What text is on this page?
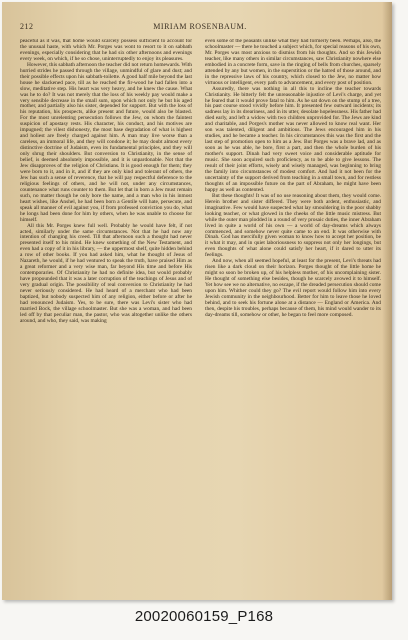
212	MIRIAM ROSENBAUM.

peaceful as it was, that home would scarcely possess sufficient to account for the unusual haste, with which Mr. Porges was wont to resort to it on sabbath evenings, especially considering that he had six other afternoons and evenings every week, on which, if he so chose, uninterruptedly to enjoy its pleasures.

However, this sabbath afternoon the teacher did not return homewards. With hurried strides he passed through the village, unmindful of glare and dust; and their possible effects upon his sabbath-toilette. A good half mile beyond the last house he slackened pace, till as he reached the fir-wood he had fallen into a slow, meditative step. His heart was very heavy, and he knew the cause. What was he to do? It was not merely that the loss of his weekly pay would make a very sensible decrease in the small sum, upon which not only he but his aged mother, and partially also his sister, depended for support. But with the loss of his reputation, his prospects, alike present and future, would also be blasted. For the most unrelenting persecution follows the Jew, on whom the faintest suspicion of apostasy rests. His character, his conduct, and his motives are impugned; the vilest dishonesty, the most base degradation of what is highest and holiest are freely charged against him. A man may live worse than a careless, an immoral life, and they will condone it; he may doubt almost every distinctive doctrine of Judaism, even its fundamental principles, and they will only shrug their shoulders. But conversion to Christianity, in the sense of belief, is deemed absolutely impossible, and it is unpardonable. Not that the Jew disapproves of the religion of Christians. It is good enough for them; they were born to it, and in it, and if they are only kind and tolerant of others, the Jew has such a sense of reverence, that he will pay respectful deference to the religious feelings of others, and he will not, under any circumstances, countenance what runs counter to them. But let that in born a Jew must remain such, no matter though he only bore the name, and a man who in his inmost heart wishes, like Anshel, he had been born a Gentile will hate, persecute, and speak all manner of evil against you, if from professed conviction you do, what he longs had been done for him by others, when he was unable to choose for himself.

All this Mr. Porges knew full well. Probably he would have felt, if not acted, similarly under the same circumstances. Not that he had now any intention of changing his creed. Till that afternoon such a thought had never presented itself to his mind. He knew something of the New Testament, and even had a copy of it in his library, — the uppermost shelf, quite hidden behind a row of other books. If you had asked him, what he thought of Jesus of Nazareth, he would, if he had ventured to speak the truth, have praised Him as a great reformer and a very wise man, far beyond His time and before His contemporaries. Of Christianity he had no definite idea, but would probably have propounded that it was a later corruption of the teachings of Jesus and of very gradual origin. The possibility of real conversion to Christianity he had never seriously considered. He had heard of a merchant who had been baptized, but nobody suspected him of any religion, either before or after he had renounced Judaism. Yes, to be sure, there was Levi's sister who had married Bock, the village schoolmaster. But she was a woman, and had been led off by that peculiar man, the pastor, who was altogether unlike the others around, and who, they said, was making

even some of the peasants unlike what they had formerly been. Perhaps, also, the schoolmaster — there he touched a subject which, for special reasons of his own, Mr. Porges was most anxious to dismiss from his thoughts. And so this Jewish teacher, like many others in similar circumstances, saw Christianity nowhere else embodied in a concrete form, save in the ringing of bells from churches, sparsely attended by any but women, in the superstition or the hatred of those around, and in the repressive laws of his country, which closed to the Jew, no matter how virtuous or intelligent, every path to advancement, and every post of position.

Assuredly, there was nothing in all this to incline the teacher towards Christianity. He bitterly felt the unreasonable injustice of Levi's charge, and yet he feared that it would prove fatal to him. As he sat down on the stump of a tree, his past course stood vividly before him. It presented few outward incidents; its sadness lay in its dreariness, and in its utter, desolate hopelessness. His father had died early, and left a widow with two children unprovided for. The Jews are kind and charitable, and Porges's mother was never allowed to know real want. Her son was talented, diligent and ambitious. The Jews encouraged him in his studies, and he became a teacher. In his circumstances this was the first and the last step of promotion open to him as a Jew. But Porges was a brave lad, and as soon as he was able, he bore, first a part, and then the whole burden of his mother's support. Dinah had very sweet voice and considerable aptitude for music. She soon acquired such proficiency, as to be able to give lessons. The result of their joint efforts, wisely and wisely managed, was beginning to bring the family into circumstances of modest comfort. And had it not been for the uncertainty of the support derived from teaching in a small town, and for restless thoughts of an impossible future on the part of Abraham, he might have been happy as well as contented.

But these thoughts! It was of no use reasoning about them, they would come. Herein brother and sister differed. They were both ardent, enthusiastic, and imaginative. Few would have suspected what lay smouldering in the poor shabby looking teacher, or what glowed in the cheeks of the little music mistress. But while the outer man plodded in a round of very prosaic duties, the inner Abraham lived in quite a world of his own — a world of day-dreams which always commenced, and somehow never quite came to an end. It was otherwise with Dinah. God has mercifully given woman to know how to accept her position, be it what it may, and in quiet laboriousness to suppress not only her longings, but even thoughts of what alone could satisfy her heart, if it dared to utter its feelings.

And now, when all seemed hopeful, at least for the present, Levi's threats had risen like a dark cloud on their horizon. Porges thought of the little home he might so soon be broken up, of his helpless mother, of his uncomplaining sister. He thought of something else besides, though he scarcely avowed it to himself. Yet how see we no alternative, no escape, if the dreaded persecution should come upon him. Whither could they go? The evil report would follow him into every Jewish community in the neighbourhood. Better for him to leave those he loved behind, and to seek his fortune alone at a distance — England or America. And then, despite his troubles, perhaps because of them, his mind would wander to its day-dreams till, somehow or other, he began to feel more composed.

20020060159_P168
